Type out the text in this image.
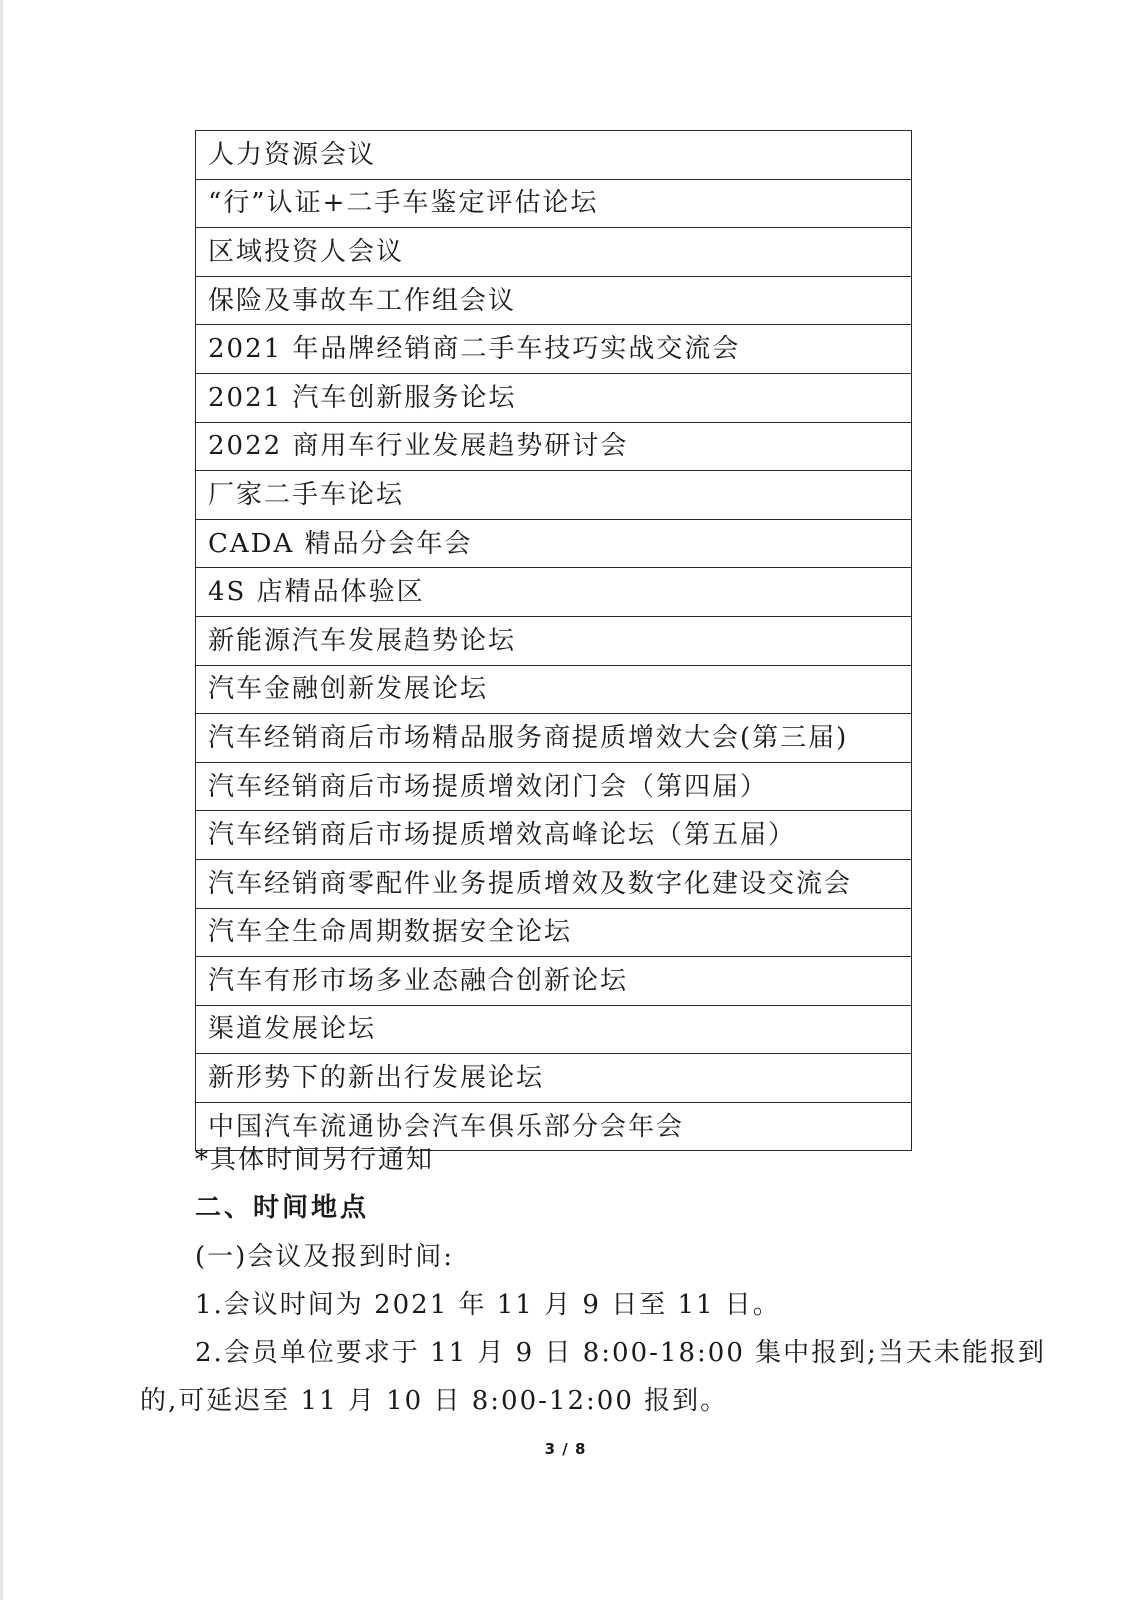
人力资源会议
“行”认证+二手车鉴定评估论坛
区域投资人会议
保险及事故车工作组会议
2021 年品牌经销商二手车技巧实战交流会
2021 汽车创新服务论坛
2022 商用车行业发展趋势研讨会
厂家二手车论坛
CADA 精品分会年会
4S 店精品体验区
新能源汽车发展趋势论坛
汽车金融创新发展论坛
汽车经销商后市场精品服务商提质增效大会(第三届)
汽车经销商后市场提质增效闭门会（第四届）
汽车经销商后市场提质增效高峰论坛（第五届）
汽车经销商零配件业务提质增效及数字化建设交流会
汽车全生命周期数据安全论坛
汽车有形市场多业态融合创新论坛
渠道发展论坛
新形势下的新出行发展论坛
中国汽车流通协会汽车俱乐部分会年会
*具体时间另行通知
二、时间地点
(一)会议及报到时间:
1.会议时间为 2021 年 11 月 9 日至 11 日。
2.会员单位要求于 11 月 9 日 8:00-18:00 集中报到;当天未能报到
的,可延迟至 11 月 10 日 8:00-12:00 报到。
3 / 8
